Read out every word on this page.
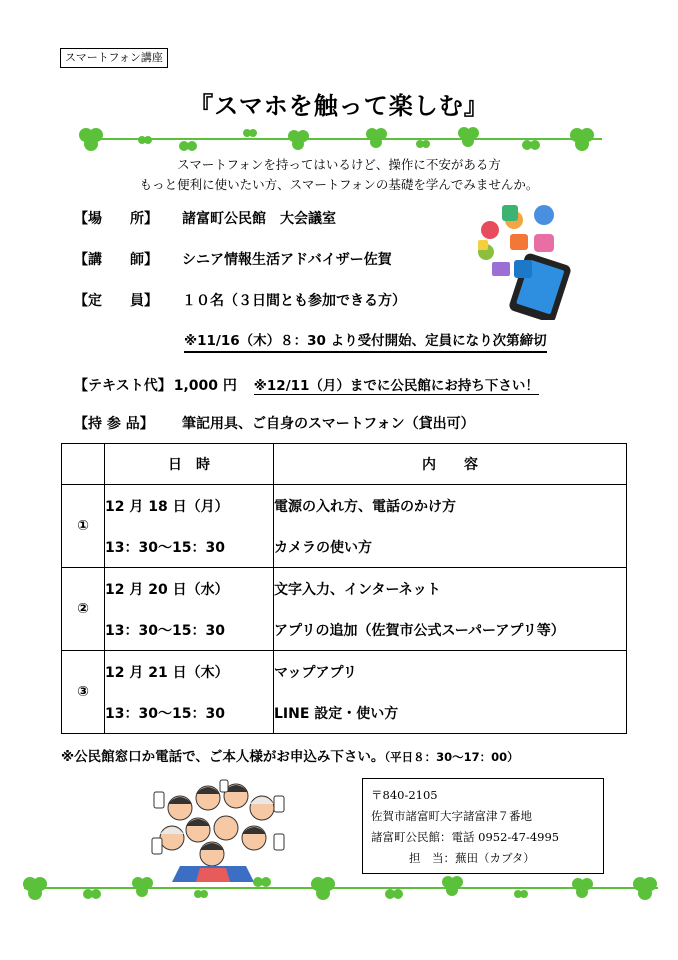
スマートフォン講座
『スマホを触って楽しむ』
スマートフォンを持ってはいるけど、操作に不安がある方
もっと便利に使いたい方、スマートフォンの基礎を学んでみませんか。
【場　　所】 諸富町公民館　大会議室
【講　　師】 シニア情報生活アドバイザー佐賀
【定　　員】 １０名（３日間とも参加できる方）
※11/16（木）８：30 より受付開始、定員になり次第締切
【テキスト代】 1,000 円 ※12/11（月）までに公民館にお持ち下さい！
【持 参 品】 筆記用具、ご自身のスマートフォン（貸出可）
	日　時	内　　容
①	12 月 18 日（月）	電源の入れ方、電話のかけ方
	13：30～15：30	カメラの使い方
②	12 月 20 日（水）	文字入力、インターネット
	13：30～15：30	アプリの追加（佐賀市公式スーパーアプリ等）
③	12 月 21 日（木）	マップアプリ
	13：30～15：30	LINE 設定・使い方
※公民館窓口か電話で、ご本人様がお申込み下さい。（平日８：30～17：00）
〒840-2105
佐賀市諸富町大字諸富津７番地
諸富町公民館：電話 0952-47-4995
担　当：蕪田（カブタ）
